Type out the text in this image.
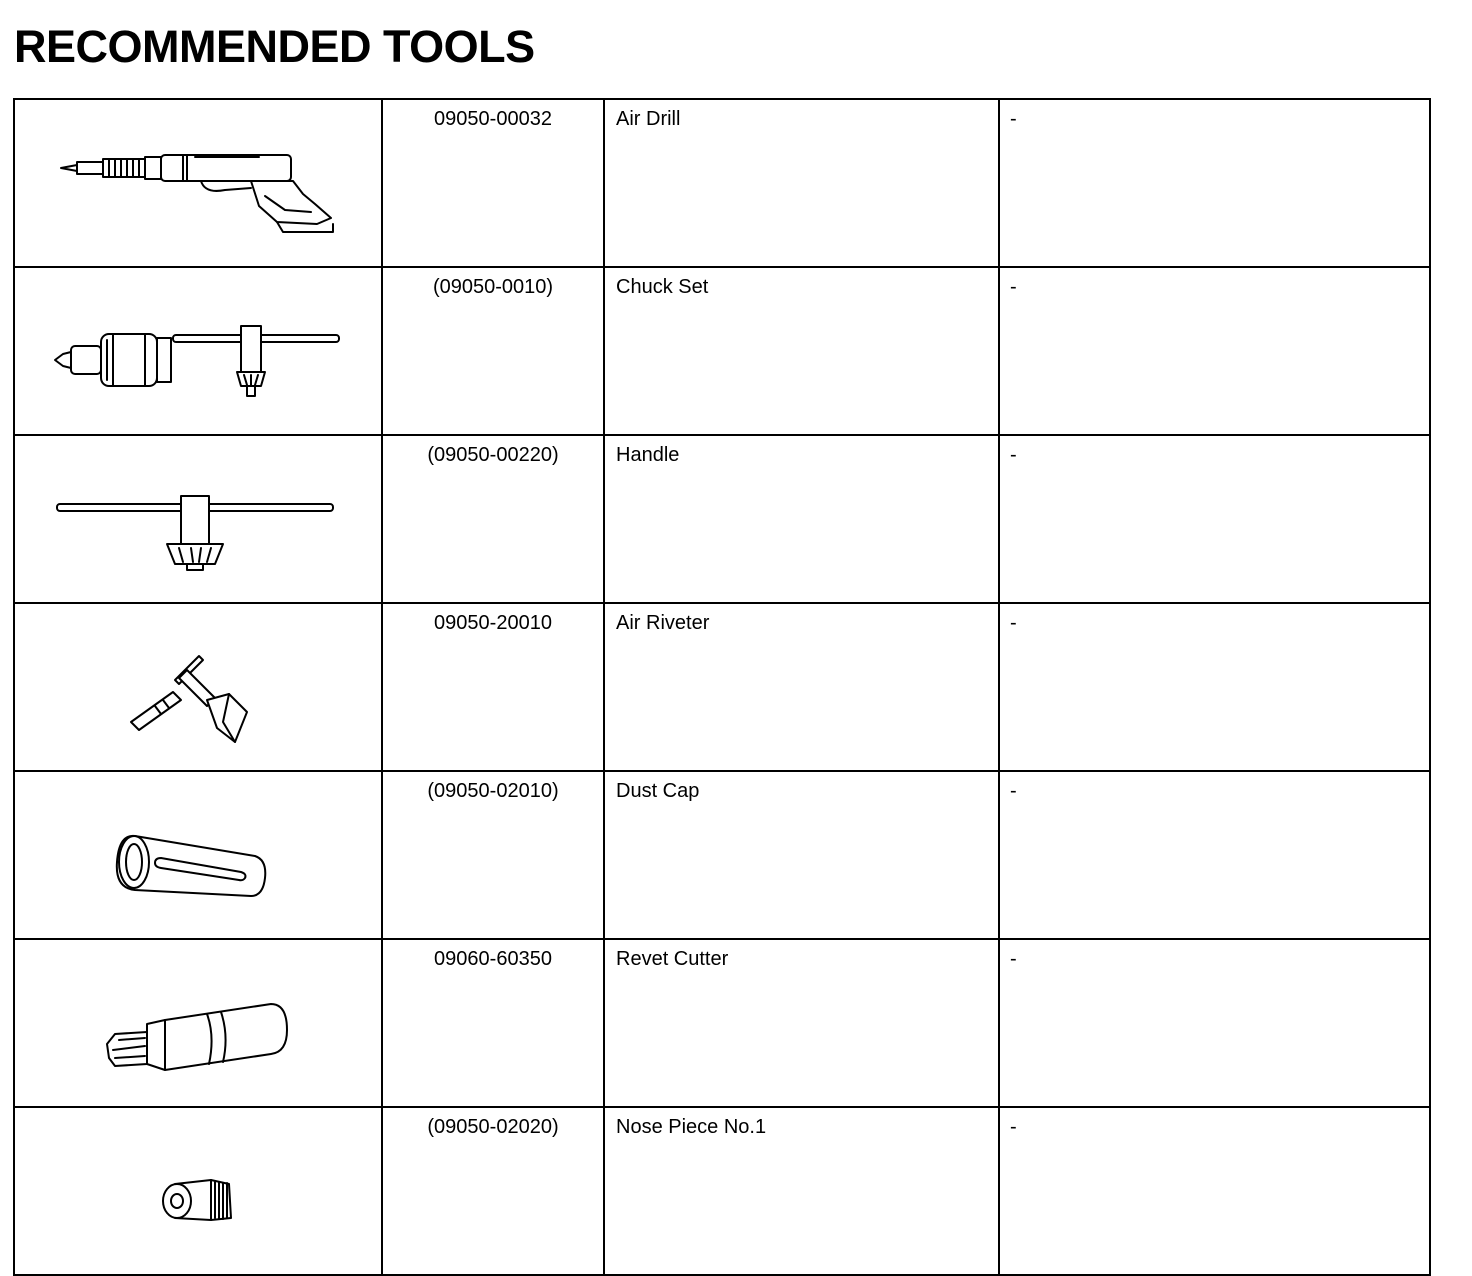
RECOMMENDED TOOLS
	09050-00032	Air Drill	-

	(09050-0010)	Chuck Set	-

	(09050-00220)	Handle	-

	09050-20010	Air Riveter	-

	(09050-02010)	Dust Cap	-

	09060-60350	Revet Cutter	-

	(09050-02020)	Nose Piece No.1	-
